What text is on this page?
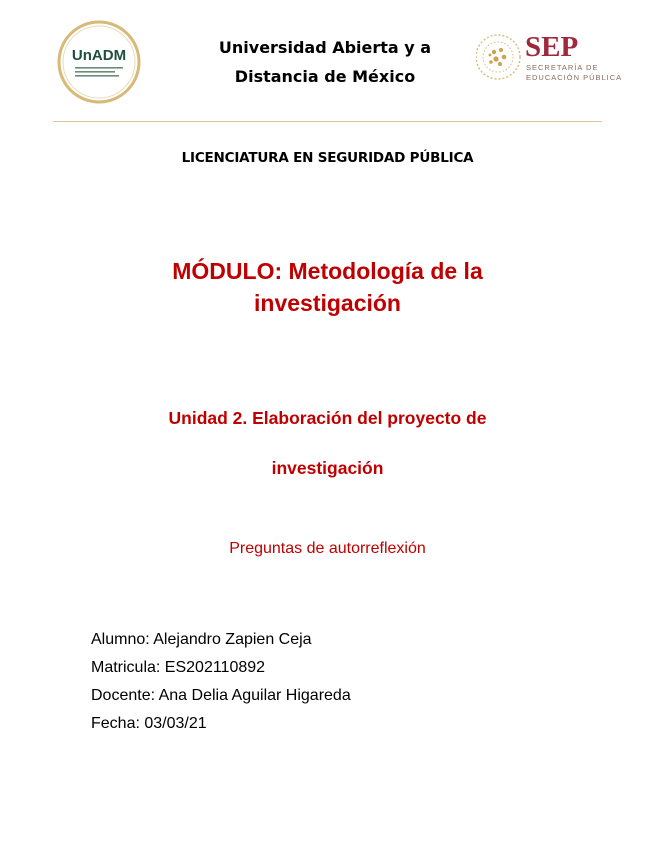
UnADM	Universidad Abierta y a
Distancia de México
SEP
SECRETARÍA DE
EDUCACIÓN PÚBLICA
LICENCIATURA EN SEGURIDAD PÚBLICA
MÓDULO: Metodología de la
investigación
Unidad 2. Elaboración del proyecto de
investigación
Preguntas de autorreflexión
Alumno: Alejandro Zapien Ceja
Matricula: ES202110892
Docente: Ana Delia Aguilar Higareda
Fecha: 03/03/21
